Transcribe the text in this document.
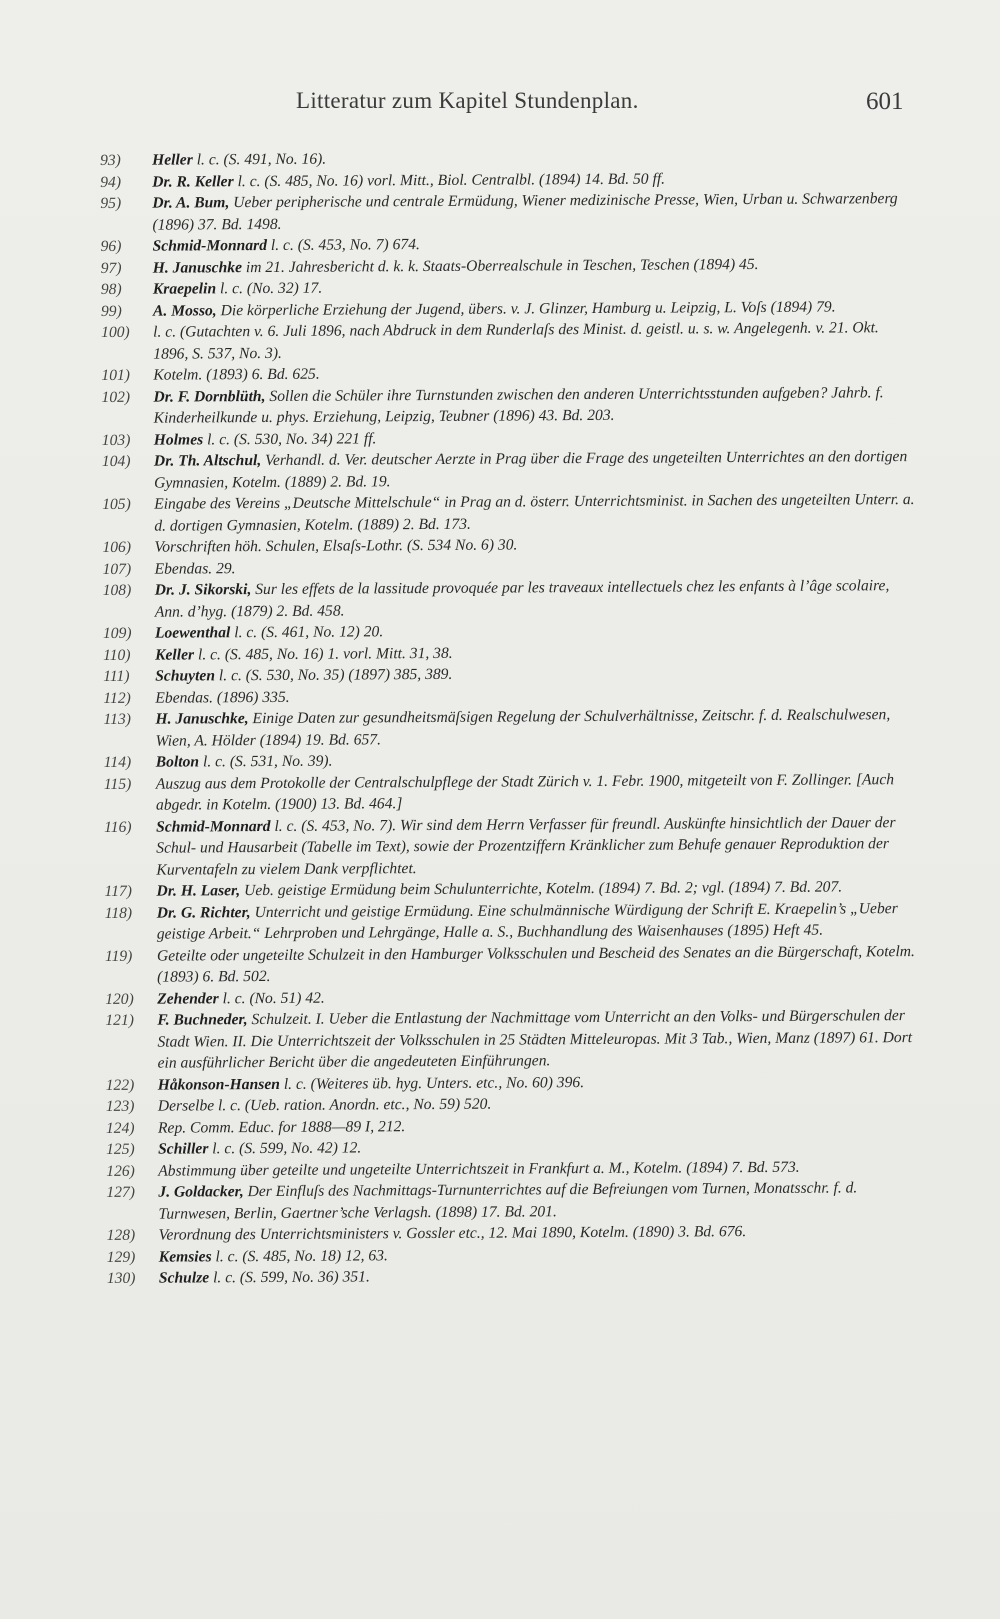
Litteratur zum Kapitel Stundenplan.	601
93)	Heller l. c. (S. 491, No. 16).
94)	Dr. R. Keller l. c. (S. 485, No. 16) vorl. Mitt., Biol. Centralbl. (1894) 14. Bd. 50 ff.
95)	Dr. A. Bum, Ueber peripherische und centrale Ermüdung, Wiener medizinische Presse, Wien, Urban u. Schwarzenberg (1896) 37. Bd. 1498.
96)	Schmid-Monnard l. c. (S. 453, No. 7) 674.
97)	H. Januschke im 21. Jahresbericht d. k. k. Staats-Oberrealschule in Teschen, Teschen (1894) 45.
98)	Kraepelin l. c. (No. 32) 17.
99)	A. Mosso, Die körperliche Erziehung der Jugend, übers. v. J. Glinzer, Hamburg u. Leipzig, L. Voſs (1894) 79.
100)	l. c. (Gutachten v. 6. Juli 1896, nach Abdruck in dem Runderlaſs des Minist. d. geistl. u. s. w. Angelegenh. v. 21. Okt. 1896, S. 537, No. 3).
101)	Kotelm. (1893) 6. Bd. 625.
102)	Dr. F. Dornblüth, Sollen die Schüler ihre Turnstunden zwischen den anderen Unterrichtsstunden aufgeben? Jahrb. f. Kinderheilkunde u. phys. Erziehung, Leipzig, Teubner (1896) 43. Bd. 203.
103)	Holmes l. c. (S. 530, No. 34) 221 ff.
104)	Dr. Th. Altschul, Verhandl. d. Ver. deutscher Aerzte in Prag über die Frage des ungeteilten Unterrichtes an den dortigen Gymnasien, Kotelm. (1889) 2. Bd. 19.
105)	Eingabe des Vereins „Deutsche Mittelschule“ in Prag an d. österr. Unterrichtsminist. in Sachen des ungeteilten Unterr. a. d. dortigen Gymnasien, Kotelm. (1889) 2. Bd. 173.
106)	Vorschriften höh. Schulen, Elsaſs-Lothr. (S. 534 No. 6) 30.
107)	Ebendas. 29.
108)	Dr. J. Sikorski, Sur les effets de la lassitude provoquée par les traveaux intellectuels chez les enfants à l’âge scolaire, Ann. d’hyg. (1879) 2. Bd. 458.
109)	Loewenthal l. c. (S. 461, No. 12) 20.
110)	Keller l. c. (S. 485, No. 16) 1. vorl. Mitt. 31, 38.
111)	Schuyten l. c. (S. 530, No. 35) (1897) 385, 389.
112)	Ebendas. (1896) 335.
113)	H. Januschke, Einige Daten zur gesundheitsmäſsigen Regelung der Schulverhältnisse, Zeitschr. f. d. Realschulwesen, Wien, A. Hölder (1894) 19. Bd. 657.
114)	Bolton l. c. (S. 531, No. 39).
115)	Auszug aus dem Protokolle der Centralschulpflege der Stadt Zürich v. 1. Febr. 1900, mitgeteilt von F. Zollinger. [Auch abgedr. in Kotelm. (1900) 13. Bd. 464.]
116)	Schmid-Monnard l. c. (S. 453, No. 7). Wir sind dem Herrn Verfasser für freundl. Auskünfte hinsichtlich der Dauer der Schul- und Hausarbeit (Tabelle im Text), sowie der Prozentziffern Kränklicher zum Behufe genauer Reproduktion der Kurventafeln zu vielem Dank verpflichtet.
117)	Dr. H. Laser, Ueb. geistige Ermüdung beim Schulunterrichte, Kotelm. (1894) 7. Bd. 2; vgl. (1894) 7. Bd. 207.
118)	Dr. G. Richter, Unterricht und geistige Ermüdung. Eine schulmännische Würdigung der Schrift E. Kraepelin’s „Ueber geistige Arbeit.“ Lehrproben und Lehrgänge, Halle a. S., Buchhandlung des Waisenhauses (1895) Heft 45.
119)	Geteilte oder ungeteilte Schulzeit in den Hamburger Volksschulen und Bescheid des Senates an die Bürgerschaft, Kotelm. (1893) 6. Bd. 502.
120)	Zehender l. c. (No. 51) 42.
121)	F. Buchneder, Schulzeit. I. Ueber die Entlastung der Nachmittage vom Unterricht an den Volks- und Bürgerschulen der Stadt Wien. II. Die Unterrichtszeit der Volksschulen in 25 Städten Mitteleuropas. Mit 3 Tab., Wien, Manz (1897) 61. Dort ein ausführlicher Bericht über die angedeuteten Einführungen.
122)	Håkonson-Hansen l. c. (Weiteres üb. hyg. Unters. etc., No. 60) 396.
123)	Derselbe l. c. (Ueb. ration. Anordn. etc., No. 59) 520.
124)	Rep. Comm. Educ. for 1888—89 I, 212.
125)	Schiller l. c. (S. 599, No. 42) 12.
126)	Abstimmung über geteilte und ungeteilte Unterrichtszeit in Frankfurt a. M., Kotelm. (1894) 7. Bd. 573.
127)	J. Goldacker, Der Einfluſs des Nachmittags-Turnunterrichtes auf die Befreiungen vom Turnen, Monatsschr. f. d. Turnwesen, Berlin, Gaertner’sche Verlagsh. (1898) 17. Bd. 201.
128)	Verordnung des Unterrichtsministers v. Gossler etc., 12. Mai 1890, Kotelm. (1890) 3. Bd. 676.
129)	Kemsies l. c. (S. 485, No. 18) 12, 63.
130)	Schulze l. c. (S. 599, No. 36) 351.
